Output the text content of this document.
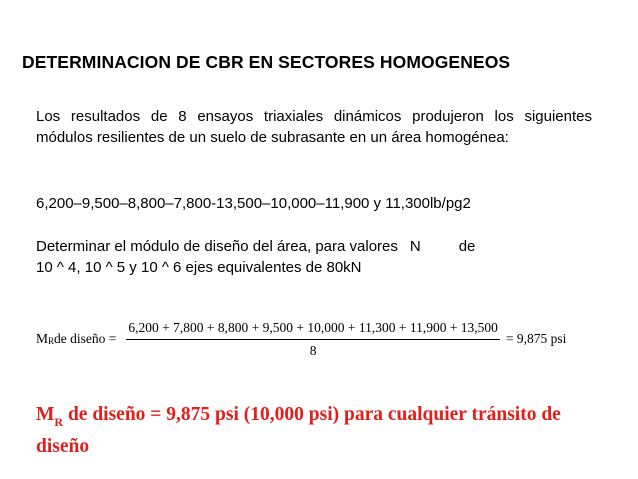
DETERMINACION DE CBR EN SECTORES HOMOGENEOS
Los resultados de 8 ensayos triaxiales dinámicos produjeron los siguientes módulos resilientes de un suelo de subrasante en un área homogénea:
6,200–9,500–8,800–7,800-13,500–10,000–11,900 y 11,300lb/pg2
Determinar el módulo de diseño del área, para valores N	de
10 ^ 4, 10 ^ 5 y 10 ^ 6 ejes equivalentes de 80kN
M R de diseño =
6,200 + 7,800 + 8,800 + 9,500 + 10,000 + 11,300 + 11,900 + 13,500
8
= 9,875 psi
$M_R$ de diseño = 9,875 psi (10,000 psi) para cualquier tránsito de diseño
